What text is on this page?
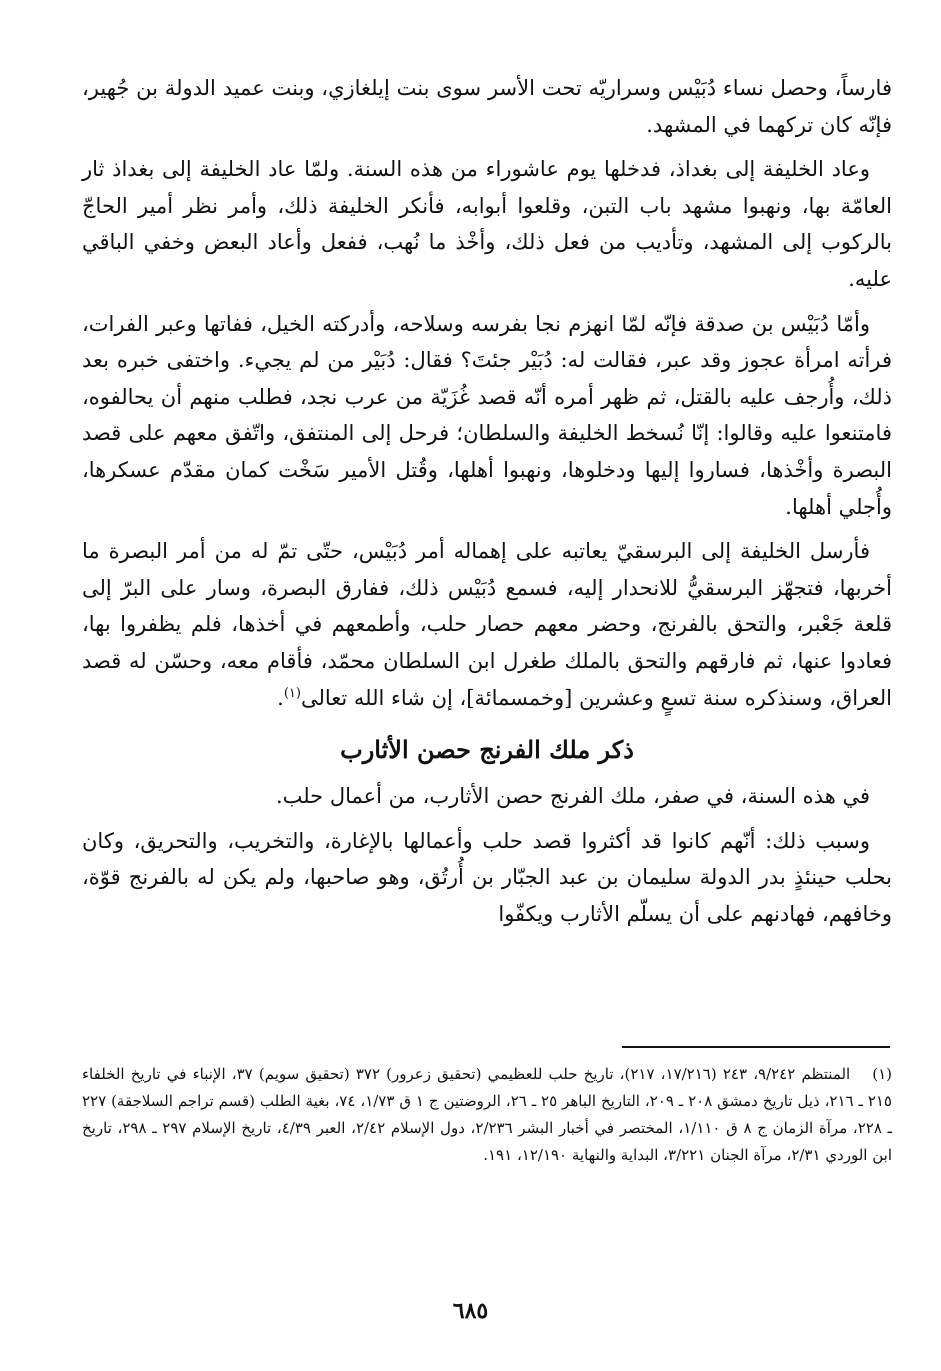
فارساً، وحصل نساء دُبَيْس وسراريّه تحت الأسر سوى بنت إيلغازي، وبنت عميد الدولة بن جُهير، فإنّه كان تركهما في المشهد.

وعاد الخليفة إلى بغداذ، فدخلها يوم عاشوراء من هذه السنة. ولمّا عاد الخليفة إلى بغداذ ثار العامّة بها، ونهبوا مشهد باب التبن، وقلعوا أبوابه، فأنكر الخليفة ذلك، وأمر نظر أمير الحاجّ بالركوب إلى المشهد، وتأديب من فعل ذلك، وأخْذ ما نُهب، ففعل وأعاد البعض وخفي الباقي عليه.

وأمّا دُبَيْس بن صدقة فإنّه لمّا انهزم نجا بفرسه وسلاحه، وأدركته الخيل، ففاتها وعبر الفرات، فرأته امرأة عجوز وقد عبر، فقالت له: دُبَيْر جئتَ؟ فقال: دُبَيْر من لم يجيء. واختفى خبره بعد ذلك، وأُرجف عليه بالقتل، ثم ظهر أمره أنّه قصد غُزَيّة من عرب نجد، فطلب منهم أن يحالفوه، فامتنعوا عليه وقالوا: إنّا نُسخط الخليفة والسلطان؛ فرحل إلى المنتفق، واتّفق معهم على قصد البصرة وأخْذها، فساروا إليها ودخلوها، ونهبوا أهلها، وقُتل الأمير سَخْت كمان مقدّم عسكرها، وأُجلي أهلها.

فأرسل الخليفة إلى البرسقيّ يعاتبه على إهماله أمر دُبَيْس، حتّى تمّ له من أمر البصرة ما أخربها، فتجهّز البرسقيُّ للانحدار إليه، فسمع دُبَيْس ذلك، ففارق البصرة، وسار على البرّ إلى قلعة جَعْبر، والتحق بالفرنج، وحضر معهم حصار حلب، وأطمعهم في أخذها، فلم يظفروا بها، فعادوا عنها، ثم فارقهم والتحق بالملك طغرل ابن السلطان محمّد، فأقام معه، وحسّن له قصد العراق، وسنذكره سنة تسعٍ وعشرين [وخمسمائة]، إن شاء الله تعالى$^{(١)}$.

ذكر ملك الفرنج حصن الأثارب

في هذه السنة، في صفر، ملك الفرنج حصن الأثارب، من أعمال حلب.

وسبب ذلك: أنّهم كانوا قد أكثروا قصد حلب وأعمالها بالإغارة، والتخريب، والتحريق، وكان بحلب حينئذٍ بدر الدولة سليمان بن عبد الجبّار بن أُرتُق، وهو صاحبها، ولم يكن له بالفرنج قوّة، وخافهم، فهادنهم على أن يسلّم الأثارب ويكفّوا

(١)المنتظم ٩/٢٤٢، ٢٤٣ (١٧/٢١٦، ٢١٧)، تاريخ حلب للعظيمي (تحقيق زعرور) ٣٧٢ (تحقيق سويم) ٣٧، الإنباء في تاريخ الخلفاء ٢١٥ ـ ٢١٦، ذيل تاريخ دمشق ٢٠٨ ـ ٢٠٩، التاريخ الباهر ٢٥ ـ ٢٦، الروضتين ج ١ ق ١/٧٣، ٧٤، بغية الطلب (قسم تراجم السلاجقة) ٢٢٧ ـ ٢٢٨، مرآة الزمان ج ٨ ق ١/١١٠، المختصر في أخبار البشر ٢/٢٣٦، دول الإسلام ٢/٤٢، العبر ٤/٣٩، تاريخ الإسلام ٢٩٧ ـ ٢٩٨، تاريخ ابن الوردي ٢/٣١، مرآة الجنان ٣/٢٢١، البداية والنهاية ١٢/١٩٠، ١٩١.
٦٨٥
